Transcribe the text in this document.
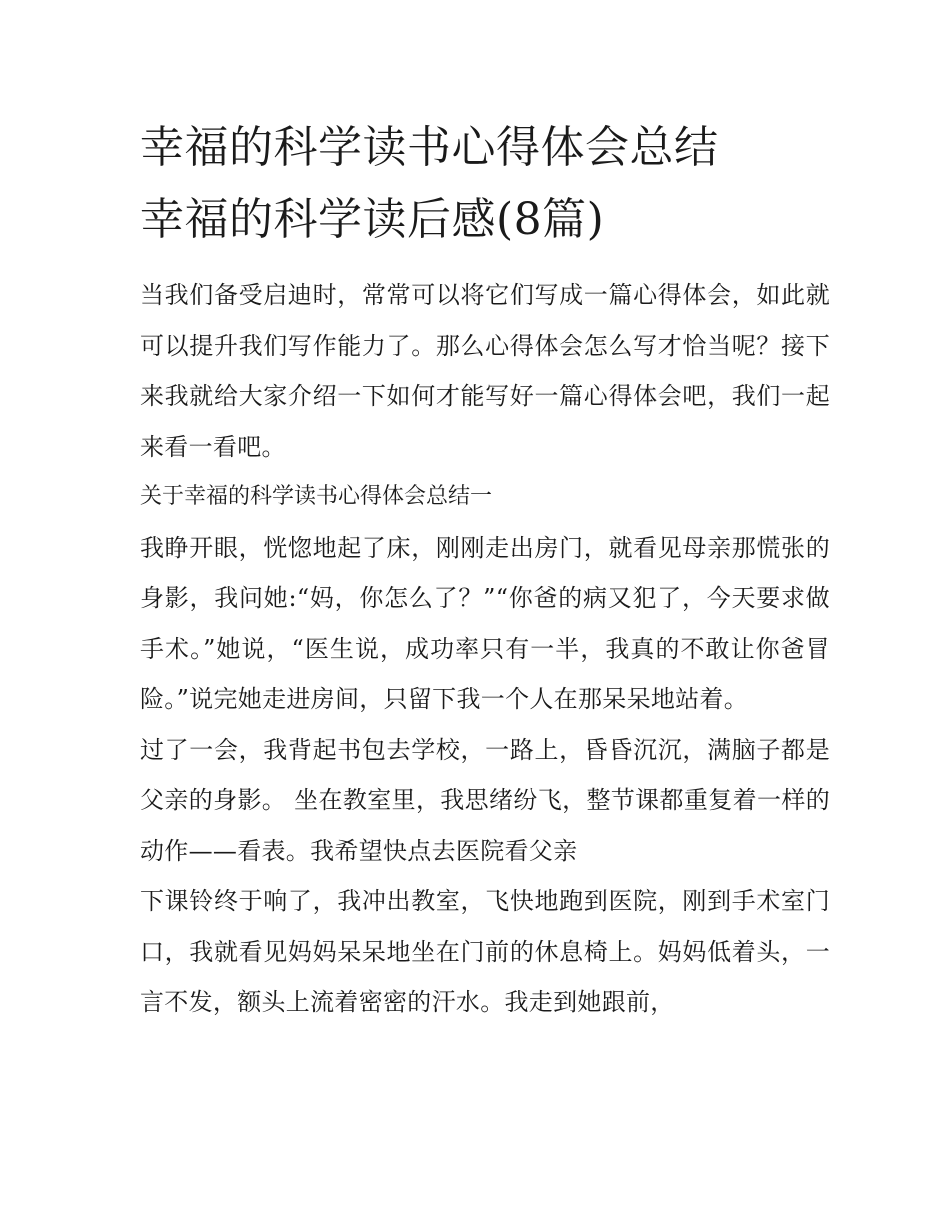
幸福的科学读书心得体会总结
幸福的科学读后感(8篇)

当我们备受启迪时，常常可以将它们写成一篇心得体会，如此就可以提升我们写作能力了。那么心得体会怎么写才恰当呢？接下来我就给大家介绍一下如何才能写好一篇心得体会吧，我们一起来看一看吧。

关于幸福的科学读书心得体会总结一

我睁开眼，恍惚地起了床，刚刚走出房门，就看见母亲那慌张的身影，我问她:“妈，你怎么了？”“你爸的病又犯了，今天要求做手术。”她说，“医生说，成功率只有一半，我真的不敢让你爸冒险。”说完她走进房间，只留下我一个人在那呆呆地站着。

过了一会，我背起书包去学校，一路上，昏昏沉沉，满脑子都是父亲的身影。 坐在教室里，我思绪纷飞，整节课都重复着一样的动作——看表。我希望快点去医院看父亲

下课铃终于响了，我冲出教室，飞快地跑到医院，刚到手术室门口，我就看见妈妈呆呆地坐在门前的休息椅上。妈妈低着头，一言不发，额头上流着密密的汗水。我走到她跟前，
